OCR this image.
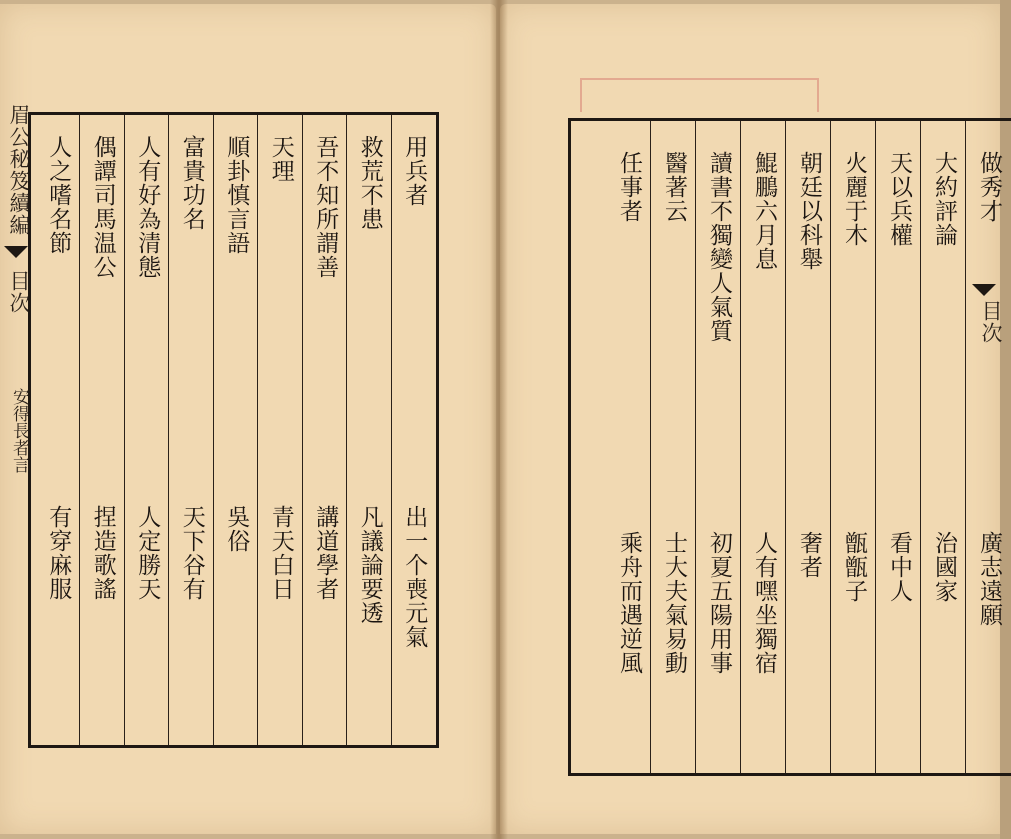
眉公秘笈續編
目次
安得長者言
用兵者
出一个喪元氣
救荒不患
凡議論要透
吾不知所謂善
講道學者
天理
青天白日
順卦慎言語
吳俗
富貴功名
天下谷有
人有好為清態
人定勝天
偶譚司馬温公
捏造歌謠
人之嗜名節
有穿麻服
目次
做秀才
廣志遠願
大約評論
治國家
天以兵權
看中人
火麗于木
甑甑子
朝廷以科舉
奢者
鯤鵬六月息
人有嘿坐獨宿
讀書不獨變人氣質
初夏五陽用事
醫著云
士大夫氣易動
任事者
乘舟而遇逆風
